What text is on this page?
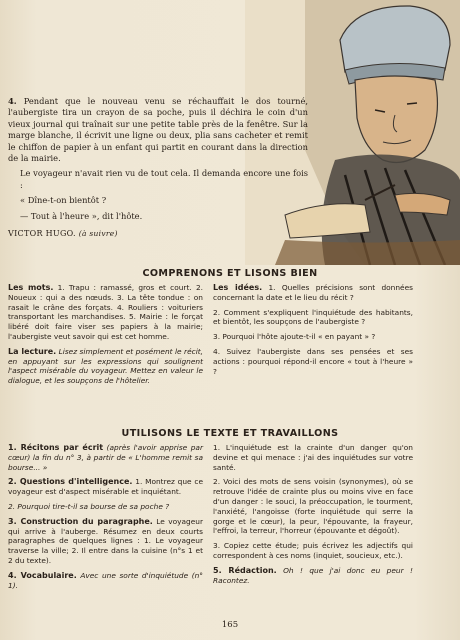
4. Pendant que le nouveau venu se réchauffait le dos tourné, l'aubergiste tira un crayon de sa poche, puis il déchira le coin d'un vieux journal qui traînait sur une petite table près de la fenêtre. Sur la marge blanche, il écrivit une ligne ou deux, plia sans cacheter et remit le chiffon de papier à un enfant qui partit en courant dans la direction de la mairie.

Le voyageur n'avait rien vu de tout cela. Il demanda encore une fois :

« Dîne-t-on bientôt ?

— Tout à l'heure », dit l'hôte.

VICTOR HUGO. (à suivre)
COMPRENONS ET LISONS BIEN

Les mots. 1. Trapu : ramassé, gros et court. 2. Noueux : qui a des nœuds. 3. La tête tondue : on rasait le crâne des forçats. 4. Rouliers : voituriers transportant les marchandises. 5. Mairie : le forçat libéré doit faire viser ses papiers à la mairie; l'aubergiste veut savoir qui est cet homme.

La lecture. Lisez simplement et posément le récit, en appuyant sur les expressions qui soulignent l'aspect misérable du voyageur. Mettez en valeur le dialogue, et les soupçons de l'hôtelier.

Les idées. 1. Quelles précisions sont données concernant la date et le lieu du récit ?

2. Comment s'expliquent l'inquiétude des habitants, et bientôt, les soupçons de l'aubergiste ?

3. Pourquoi l'hôte ajoute-t-il « en payant » ?

4. Suivez l'aubergiste dans ses pensées et ses actions : pourquoi répond-il encore « tout à l'heure » ?

UTILISONS LE TEXTE ET TRAVAILLONS

1. Récitons par écrit (après l'avoir apprise par cœur) la fin du n° 3, à partir de « L'homme remit sa bourse... »

2. Questions d'intelligence. 1. Montrez que ce voyageur est d'aspect misérable et inquiétant.

2. Pourquoi tire-t-il sa bourse de sa poche ?

3. Construction du paragraphe. Le voyageur qui arrive à l'auberge. Résumez en deux courts paragraphes de quelques lignes : 1. Le voyageur traverse la ville; 2. Il entre dans la cuisine (n°s 1 et 2 du texte).

4. Vocabulaire. Avec une sorte d'inquiétude (n° 1).

1. L'inquiétude est la crainte d'un danger qu'on devine et qui menace : j'ai des inquiétudes sur votre santé.

2. Voici des mots de sens voisin (synonymes), où se retrouve l'idée de crainte plus ou moins vive en face d'un danger : le souci, la préoccupation, le tourment, l'anxiété, l'angoisse (forte inquiétude qui serre la gorge et le cœur), la peur, l'épouvante, la frayeur, l'effroi, la terreur, l'horreur (épouvante et dégoût).

3. Copiez cette étude; puis écrivez les adjectifs qui correspondent à ces noms (inquiet, soucieux, etc.).

5. Rédaction. Oh ! que j'ai donc eu peur ! Racontez.

165
